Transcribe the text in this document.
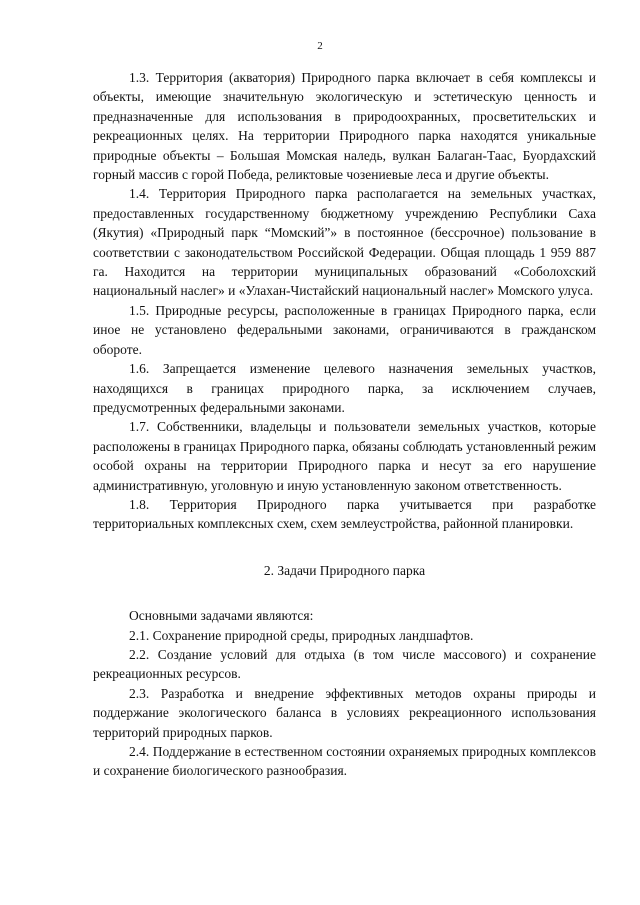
2

1.3. Территория (акватория) Природного парка включает в себя комплексы и объекты, имеющие значительную экологическую и эстетическую ценность и предназначенные для использования в природоохранных, просветительских и рекреационных целях. На территории Природного парка находятся уникальные природные объекты – Большая Момская наледь, вулкан Балаган-Таас, Буордахский горный массив с горой Победа, реликтовые чозениевые леса и другие объекты.

1.4. Территория Природного парка располагается на земельных участках, предоставленных государственному бюджетному учреждению Республики Саха (Якутия) «Природный парк “Момский”» в постоянное (бессрочное) пользование в соответствии с законодательством Российской Федерации. Общая площадь 1 959 887 га. Находится на территории муниципальных образований «Соболохский национальный наслег» и «Улахан-Чистайский национальный наслег» Момского улуса.

1.5. Природные ресурсы, расположенные в границах Природного парка, если иное не установлено федеральными законами, ограничиваются в гражданском обороте.

1.6. Запрещается изменение целевого назначения земельных участков, находящихся в границах природного парка, за исключением случаев, предусмотренных федеральными законами.

1.7. Собственники, владельцы и пользователи земельных участков, которые расположены в границах Природного парка, обязаны соблюдать установленный режим особой охраны на территории Природного парка и несут за его нарушение административную, уголовную и иную установленную законом ответственность.

1.8. Территория Природного парка учитывается при разработке территориальных комплексных схем, схем землеустройства, районной планировки.

2. Задачи Природного парка

Основными задачами являются:

2.1. Сохранение природной среды, природных ландшафтов.

2.2. Создание условий для отдыха (в том числе массового) и сохранение рекреационных ресурсов.

2.3. Разработка и внедрение эффективных методов охраны природы и поддержание экологического баланса в условиях рекреационного использования территорий природных парков.

2.4. Поддержание в естественном состоянии охраняемых природных комплексов и сохранение биологического разнообразия.
